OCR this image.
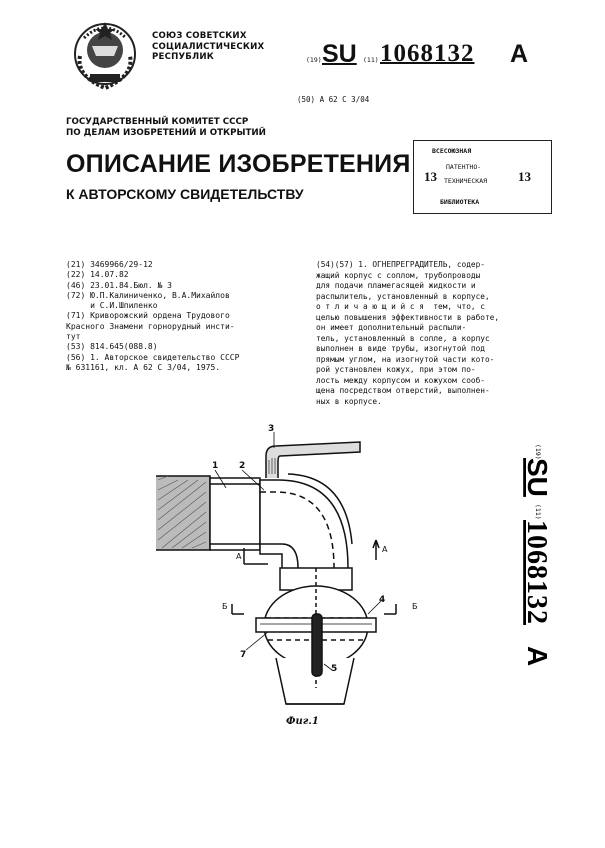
СОЮЗ СОВЕТСКИХ
СОЦИАЛИСТИЧЕСКИХ
РЕСПУБЛИК	(19) SU (11) 1068132 A
(50) A 62 C 3/04
ГОСУДАРСТВЕННЫЙ КОМИТЕТ СССР
ПО ДЕЛАМ ИЗОБРЕТЕНИЙ И ОТКРЫТИЙ
ОПИСАНИЕ ИЗОБРЕТЕНИЯ
К АВТОРСКОМУ СВИДЕТЕЛЬСТВУ
ВСЕСОЮЗНАЯ
ПАТЕНТНО-
ТЕХНИЧЕСКАЯ
БИБЛИОТЕКА
13	13
(21) 3469966/29-12
(22) 14.07.82
(46) 23.01.84.Бюл. № 3
(72) Ю.П.Калиниченко, В.А.Михайлов
и С.И.Шпиленко
(71) Криворожский ордена Трудового
Красного Знамени горнорудный инсти-
тут
(53) 814.645(088.8)
(56) 1. Авторское свидетельство СССР
№ 631161, кл. А 62 С 3/04, 1975.
(54)(57) 1. ОГНЕПРЕГРАДИТЕЛЬ, содер-
жащий корпус с соплом, трубопроводы
для подачи пламегасящей жидкости и
распылитель, установленный в корпусе,
о т л и ч а ю щ и й с я  тем, что, с
целью повышения эффективности в работе,
он имеет дополнительный распыли-
тель, установленный в сопле, а корпус
выполнен в виде трубы, изогнутой под
прямым углом, на изогнутой части кото-
рой установлен кожух, при этом по-
лость между корпусом и кожухом сооб-
щена посредством отверстий, выполнен-
ных в корпусе.
(19)
SU
(11)
1068132
A
1 2
3
4
5
7
A
A
Б	Б
Фиг.1
